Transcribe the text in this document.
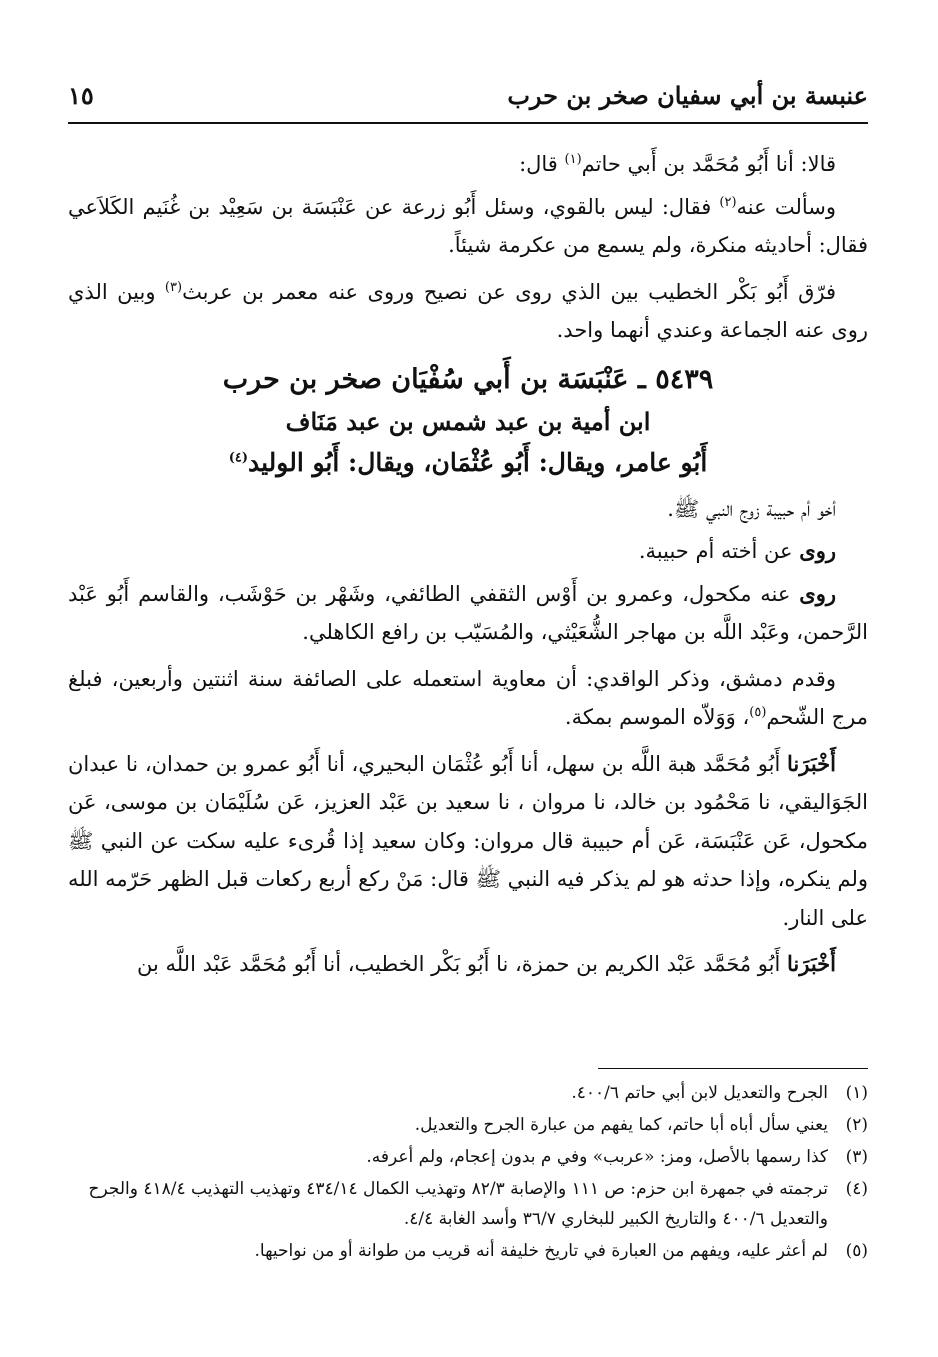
عنبسة بن أبي سفيان صخر بن حرب
١٥

قالا: أنا أَبُو مُحَمَّد بن أَبي حاتم$^{(١)}$ قال:

وسألت عنه$^{(٢)}$ فقال: ليس بالقوي، وسئل أَبُو زرعة عن عَنْبَسَة بن سَعِيْد بن غُنَيم الكَلاَعي فقال: أحاديثه منكرة، ولم يسمع من عكرمة شيئاً.

فرّق أَبُو بَكْر الخطيب بين الذي روى عن نصيح وروى عنه معمر بن عربث$^{(٣)}$ وبين الذي روى عنه الجماعة وعندي أنهما واحد.

٥٤٣٩ ـ عَنْبَسَة بن أَبي سُفْيَان صخر بن حرب
ابن أمية بن عبد شمس بن عبد مَنَاف
أَبُو عامر، ويقال: أَبُو عُثْمَان، ويقال: أَبُو الوليد$^{(٤)}$

أخو أم حبيبة زوج النبي ﷺ.

روى عن أخته أم حبيبة.

روى عنه مكحول، وعمرو بن أَوْس الثقفي الطائفي، وشَهْر بن حَوْشَب، والقاسم أَبُو عَبْد الرَّحمن، وعَبْد اللَّه بن مهاجر الشُّعَيْثي، والمُسَيّب بن رافع الكاهلي.

وقدم دمشق، وذكر الواقدي: أن معاوية استعمله على الصائفة سنة اثنتين وأربعين، فبلغ مرج الشّحم$^{(٥)}$، وَوَلاّه الموسم بمكة.

أَخْبَرَنا أَبُو مُحَمَّد هبة اللَّه بن سهل، أنا أَبُو عُثْمَان البحيري، أنا أَبُو عمرو بن حمدان، نا عبدان الجَوَاليقي، نا مَحْمُود بن خالد، نا مروان ، نا سعيد بن عَبْد العزيز، عَن سُلَيْمَان بن موسى، عَن مكحول، عَن عَنْبَسَة، عَن أم حبيبة قال مروان: وكان سعيد إذا قُرىء عليه سكت عن النبي ﷺ ولم ينكره، وإذا حدثه هو لم يذكر فيه النبي ﷺ قال: مَنْ ركع أربع ركعات قبل الظهر حَرّمه الله على النار.

أَخْبَرَنا أَبُو مُحَمَّد عَبْد الكريم بن حمزة، نا أَبُو بَكْر الخطيب، أنا أَبُو مُحَمَّد عَبْد اللَّه بن

(١)
الجرح والتعديل لابن أبي حاتم ٤٠٠/٦.
(٢)
يعني سأل أباه أبا حاتم، كما يفهم من عبارة الجرح والتعديل.
(٣)
كذا رسمها بالأصل، ومز: «عربب» وفي م بدون إعجام، ولم أعرفه.
(٤)
ترجمته في جمهرة ابن حزم: ص ١١١ والإصابة ٨٢/٣ وتهذيب الكمال ٤٣٤/١٤ وتهذيب التهذيب ٤١٨/٤ والجرح والتعديل ٤٠٠/٦ والتاريخ الكبير للبخاري ٣٦/٧ وأسد الغابة ٤/٤.
(٥)
لم أعثر عليه، ويفهم من العبارة في تاريخ خليفة أنه قريب من طوانة أو من نواحيها.
